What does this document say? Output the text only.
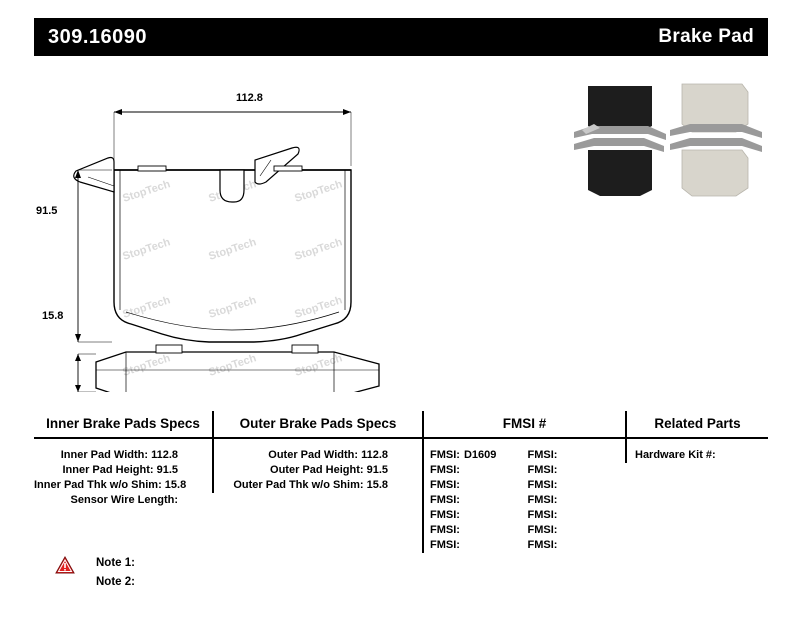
309.16090	Brake Pad
112.8
91.5
15.8
Inner Brake Pads Specs
Inner Pad Width: 112.8
Inner Pad Height: 91.5
Inner Pad Thk w/o Shim: 15.8
Sensor Wire Length:
Outer Brake Pads Specs
Outer Pad Width: 112.8
Outer Pad Height: 91.5
Outer Pad Thk w/o Shim: 15.8
FMSI #
FMSI: D1609
FMSI:
FMSI:
FMSI:
FMSI:
FMSI:
FMSI:
FMSI:
FMSI:
FMSI:
FMSI:
FMSI:
FMSI:
FMSI:
Related Parts
Hardware Kit #:
Note 1:
Note 2:
